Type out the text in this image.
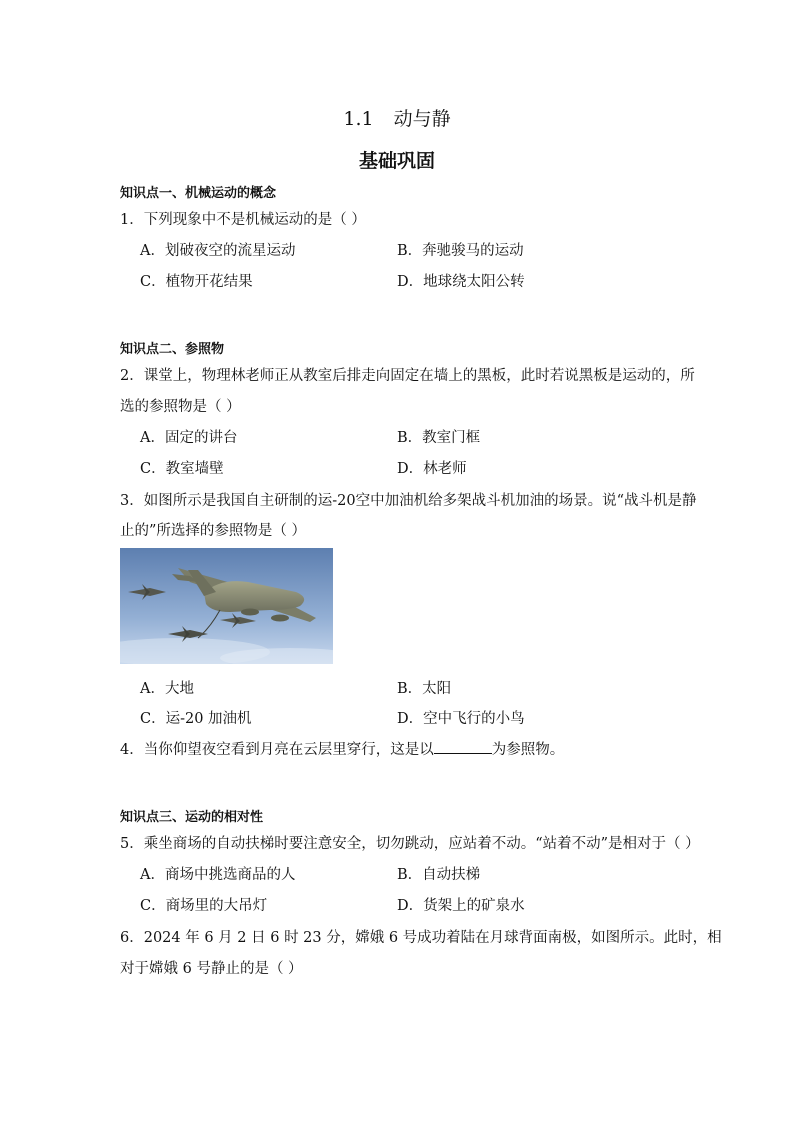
1.1 动与静
基础巩固
知识点一、机械运动的概念
1．下列现象中不是机械运动的是（ ）
A．划破夜空的流星运动	B．奔驰骏马的运动
C．植物开花结果	D．地球绕太阳公转
知识点二、参照物
2．课堂上，物理林老师正从教室后排走向固定在墙上的黑板，此时若说黑板是运动的，所
选的参照物是（ ）
A．固定的讲台	B．教室门框
C．教室墙壁	D．林老师
3．如图所示是我国自主研制的运-20空中加油机给多架战斗机加油的场景。说“战斗机是静
止的”所选择的参照物是（ ）
A．大地	B．太阳
C．运-20 加油机	D．空中飞行的小鸟
4．当你仰望夜空看到月亮在云层里穿行，这是以	为参照物。
知识点三、运动的相对性
5．乘坐商场的自动扶梯时要注意安全，切勿跳动，应站着不动。“站着不动”是相对于（ ）
A．商场中挑选商品的人	B．自动扶梯
C．商场里的大吊灯	D．货架上的矿泉水
6．2024 年 6 月 2 日 6 时 23 分，嫦娥 6 号成功着陆在月球背面南极，如图所示。此时，相
对于嫦娥 6 号静止的是（ ）
